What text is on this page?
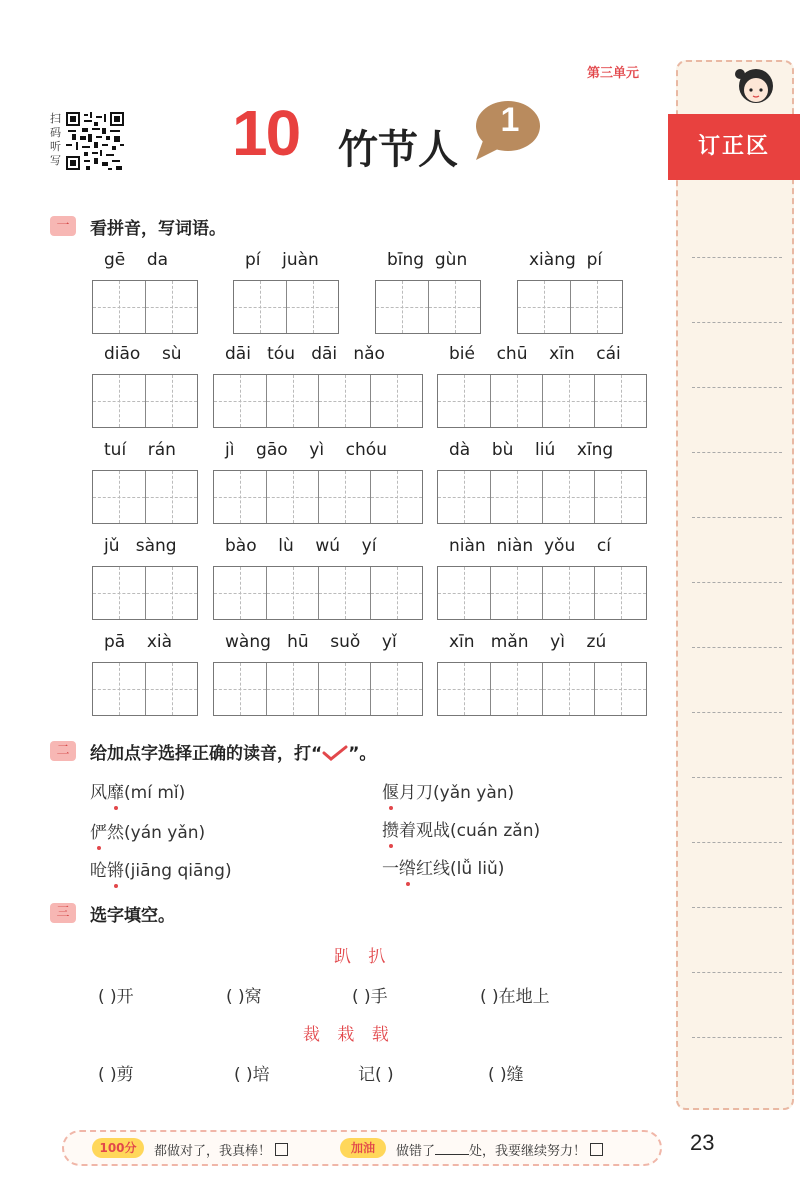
第三单元
扫
码
听
写	10 竹节人
1
一	看拼音，写词语。
gē    da	pí    juàn	bīng  gùn	xiàng  pí
diāo    sù	dāi   tóu   dāi   nǎo	bié    chū    xīn    cái
tuí    rán	jì    gāo    yì    chóu	dà    bù    liú    xīng
jǔ   sàng	bào    lù    wú    yí	niàn  niàn  yǒu    cí
pā    xià	wàng   hū    suǒ    yǐ	xīn   mǎn    yì    zú
二	给加点字选择正确的读音，打“ ”。
风靡(mí mǐ)	偃月刀(yǎn yàn)
俨然(yán yǎn)	攒着观战(cuán zǎn)
呛锵(jiāng qiāng)	一绺红线(lǚ liǔ)
三	选字填空。
趴 扒
( )开	( )窝	( )手	( )在地上
裁 栽 载
( )剪	( )培	记( )	( )缝
订正区
100分	都做对了，我真棒！	加油	做错了	处，我要继续努力！	23
